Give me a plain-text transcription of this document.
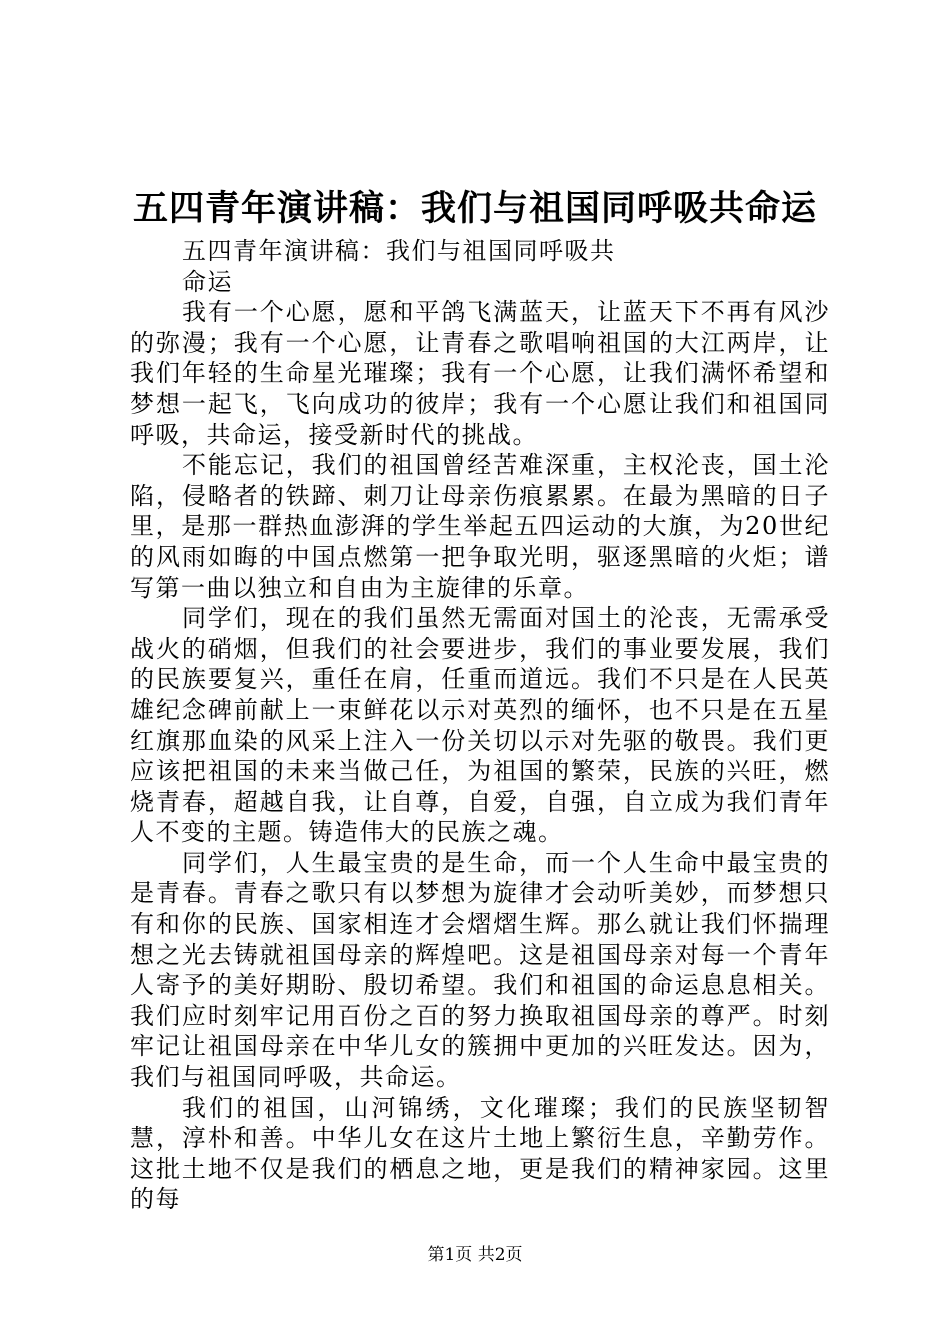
五四青年演讲稿：我们与祖国同呼吸共命运
五四青年演讲稿：我们与祖国同呼吸共
命运

我有一个心愿，愿和平鸽飞满蓝天，让蓝天下不再有风沙的弥漫；我有一个心愿，让青春之歌唱响祖国的大江两岸，让我们年轻的生命星光璀璨；我有一个心愿，让我们满怀希望和梦想一起飞，飞向成功的彼岸；我有一个心愿让我们和祖国同呼吸，共命运，接受新时代的挑战。

不能忘记，我们的祖国曾经苦难深重，主权沦丧，国土沦陷，侵略者的铁蹄、刺刀让母亲伤痕累累。在最为黑暗的日子里，是那一群热血澎湃的学生举起五四运动的大旗，为20世纪的风雨如晦的中国点燃第一把争取光明，驱逐黑暗的火炬；谱写第一曲以独立和自由为主旋律的乐章。

同学们，现在的我们虽然无需面对国土的沦丧，无需承受战火的硝烟，但我们的社会要进步，我们的事业要发展，我们的民族要复兴，重任在肩，任重而道远。我们不只是在人民英雄纪念碑前献上一束鲜花以示对英烈的缅怀，也不只是在五星红旗那血染的风采上注入一份关切以示对先驱的敬畏。我们更应该把祖国的未来当做己任，为祖国的繁荣，民族的兴旺，燃烧青春，超越自我，让自尊，自爱，自强，自立成为我们青年人不变的主题。铸造伟大的民族之魂。

同学们，人生最宝贵的是生命，而一个人生命中最宝贵的是青春。青春之歌只有以梦想为旋律才会动听美妙，而梦想只有和你的民族、国家相连才会熠熠生辉。那么就让我们怀揣理想之光去铸就祖国母亲的辉煌吧。这是祖国母亲对每一个青年人寄予的美好期盼、殷切希望。我们和祖国的命运息息相关。我们应时刻牢记用百份之百的努力换取祖国母亲的尊严。时刻牢记让祖国母亲在中华儿女的簇拥中更加的兴旺发达。因为，我们与祖国同呼吸，共命运。

我们的祖国，山河锦绣，文化璀璨；我们的民族坚韧智慧，淳朴和善。中华儿女在这片土地上繁衍生息，辛勤劳作。这批土地不仅是我们的栖息之地，更是我们的精神家园。这里的每

第1页 共2页
